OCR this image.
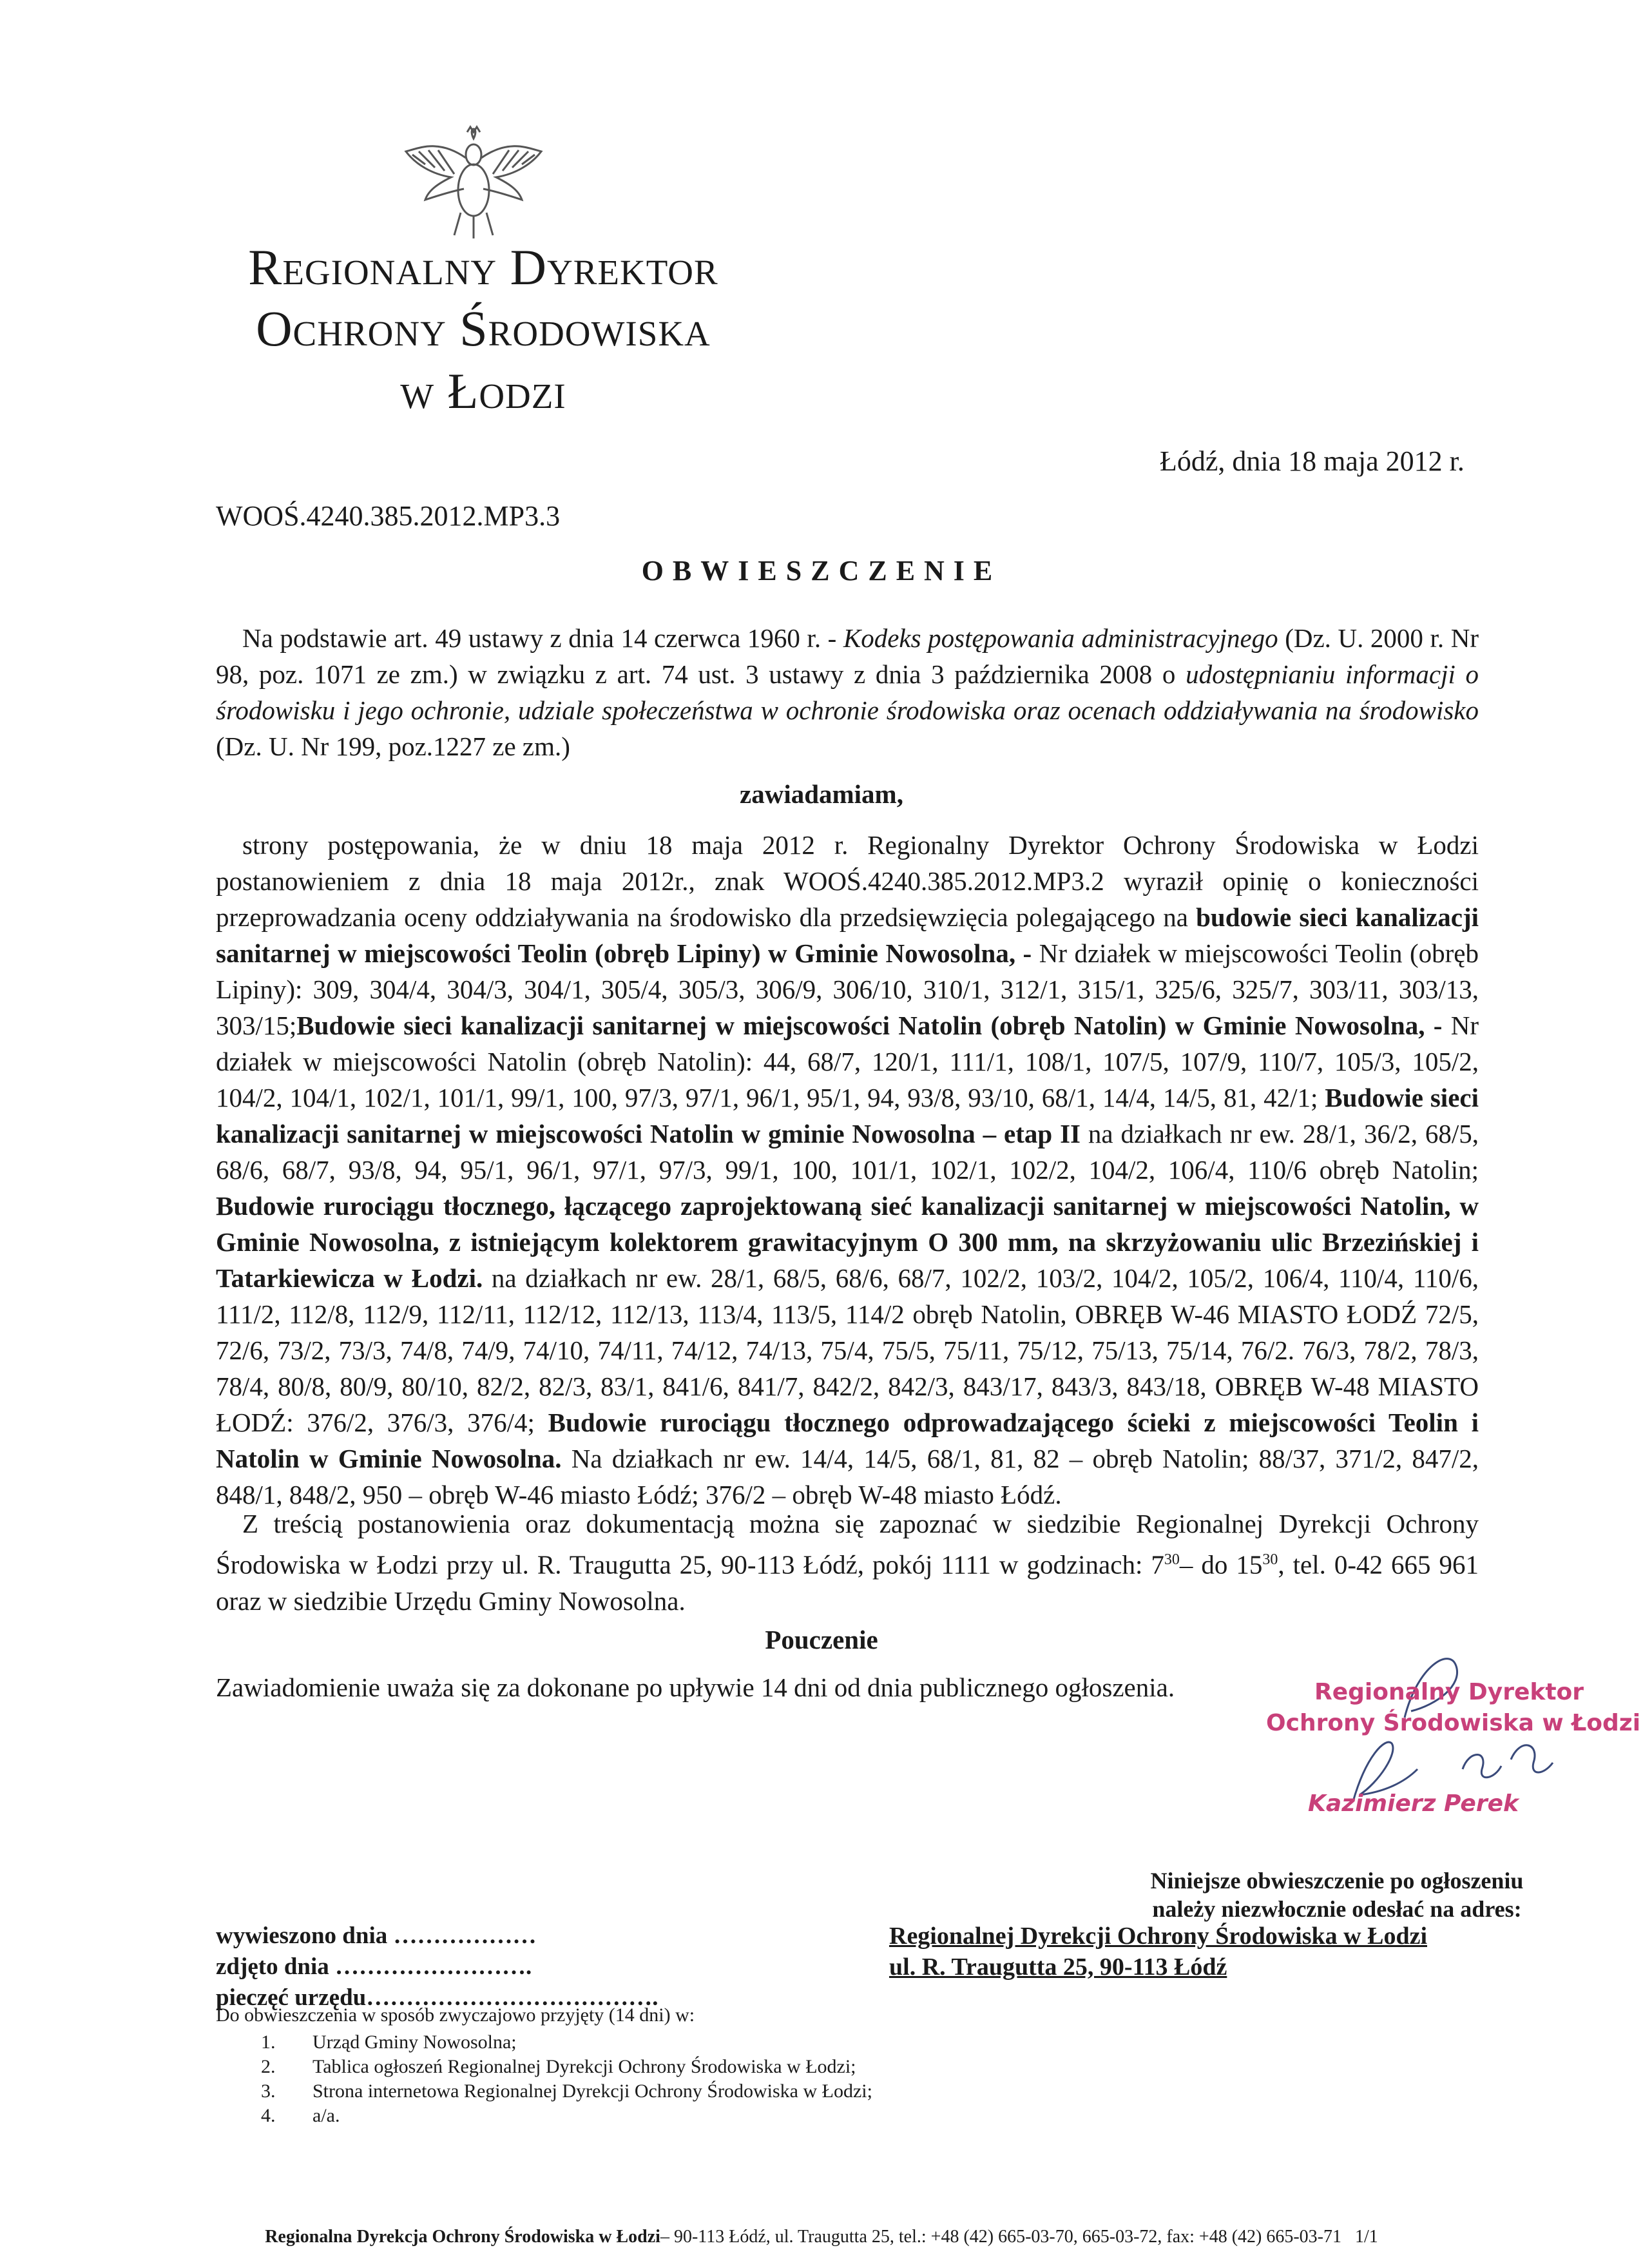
Regionalny Dyrektor
Ochrony Środowiska
w Łodzi
Łódź, dnia 18 maja 2012 r.
WOOŚ.4240.385.2012.MP3.3
OBWIESZCZENIE
 Na podstawie art. 49 ustawy z dnia 14 czerwca 1960 r. - Kodeks postępowania administracyjnego (Dz. U. 2000 r. Nr 98, poz. 1071 ze zm.) w związku z art. 74 ust. 3 ustawy z dnia 3 października 2008 o udostępnianiu informacji o środowisku i jego ochronie, udziale społeczeństwa w ochronie środowiska oraz ocenach oddziaływania na środowisko (Dz. U. Nr 199, poz.1227 ze zm.)
zawiadamiam,
 strony postępowania, że w dniu 18 maja 2012 r. Regionalny Dyrektor Ochrony Środowiska w Łodzi postanowieniem z dnia 18 maja 2012r., znak WOOŚ.4240.385.2012.MP3.2 wyraził opinię o konieczności przeprowadzania oceny oddziaływania na środowisko dla przedsięwzięcia polegającego na budowie sieci kanalizacji sanitarnej w miejscowości Teolin (obręb Lipiny) w Gminie Nowosolna, - Nr działek w miejscowości Teolin (obręb Lipiny): 309, 304/4, 304/3, 304/1, 305/4, 305/3, 306/9, 306/10, 310/1, 312/1, 315/1, 325/6, 325/7, 303/11, 303/13, 303/15;Budowie sieci kanalizacji sanitarnej w miejscowości Natolin (obręb Natolin) w Gminie Nowosolna, - Nr działek w miejscowości Natolin (obręb Natolin): 44, 68/7, 120/1, 111/1, 108/1, 107/5, 107/9, 110/7, 105/3, 105/2, 104/2, 104/1, 102/1, 101/1, 99/1, 100, 97/3, 97/1, 96/1, 95/1, 94, 93/8, 93/10, 68/1, 14/4, 14/5, 81, 42/1; Budowie sieci kanalizacji sanitarnej w miejscowości Natolin w gminie Nowosolna – etap II na działkach nr ew. 28/1, 36/2, 68/5, 68/6, 68/7, 93/8, 94, 95/1, 96/1, 97/1, 97/3, 99/1, 100, 101/1, 102/1, 102/2, 104/2, 106/4, 110/6 obręb Natolin; Budowie rurociągu tłocznego, łączącego zaprojektowaną sieć kanalizacji sanitarnej w miejscowości Natolin, w Gminie Nowosolna, z istniejącym kolektorem grawitacyjnym O 300 mm, na skrzyżowaniu ulic Brzezińskiej i Tatarkiewicza w Łodzi. na działkach nr ew. 28/1, 68/5, 68/6, 68/7, 102/2, 103/2, 104/2, 105/2, 106/4, 110/4, 110/6, 111/2, 112/8, 112/9, 112/11, 112/12, 112/13, 113/4, 113/5, 114/2 obręb Natolin, OBRĘB W-46 MIASTO ŁODŹ 72/5, 72/6, 73/2, 73/3, 74/8, 74/9, 74/10, 74/11, 74/12, 74/13, 75/4, 75/5, 75/11, 75/12, 75/13, 75/14, 76/2. 76/3, 78/2, 78/3, 78/4, 80/8, 80/9, 80/10, 82/2, 82/3, 83/1, 841/6, 841/7, 842/2, 842/3, 843/17, 843/3, 843/18, OBRĘB W-48 MIASTO ŁODŹ: 376/2, 376/3, 376/4; Budowie rurociągu tłocznego odprowadzającego ścieki z miejscowości Teolin i Natolin w Gminie Nowosolna. Na działkach nr ew. 14/4, 14/5, 68/1, 81, 82 – obręb Natolin; 88/37, 371/2, 847/2, 848/1, 848/2, 950 – obręb W-46 miasto Łódź; 376/2 – obręb W-48 miasto Łódź.
 Z treścią postanowienia oraz dokumentacją można się zapoznać w siedzibie Regionalnej Dyrekcji Ochrony Środowiska w Łodzi przy ul. R. Traugutta 25, 90-113 Łódź, pokój 1111 w godzinach: $7^{30}-$ do $15^{30}$, tel. 0-42 665 961 oraz w siedzibie Urzędu Gminy Nowosolna.
Pouczenie
Zawiadomienie uważa się za dokonane po upływie 14 dni od dnia publicznego ogłoszenia.	Regionalny Dyrektor
Ochrony Środowiska w Łodzi
Kazimierz Perek
Niniejsze obwieszczenie po ogłoszeniu należy niezwłocznie odesłać na adres:
Regionalnej Dyrekcji Ochrony Środowiska w Łodzi
ul. R. Traugutta 25, 90-113 Łódź
wywieszono dnia ………………
zdjęto dnia …………………….
pieczęć urzędu……………………………….
Do obwieszczenia w sposób zwyczajowo przyjęty (14 dni) w:
1. Urząd Gminy Nowosolna;
2. Tablica ogłoszeń Regionalnej Dyrekcji Ochrony Środowiska w Łodzi;
3. Strona internetowa Regionalnej Dyrekcji Ochrony Środowiska w Łodzi;
4. a/a.
Regionalna Dyrekcja Ochrony Środowiska w Łodzi– 90-113 Łódź, ul. Traugutta 25, tel.: +48 (42) 665-03-70, 665-03-72, fax: +48 (42) 665-03-71 1/1
